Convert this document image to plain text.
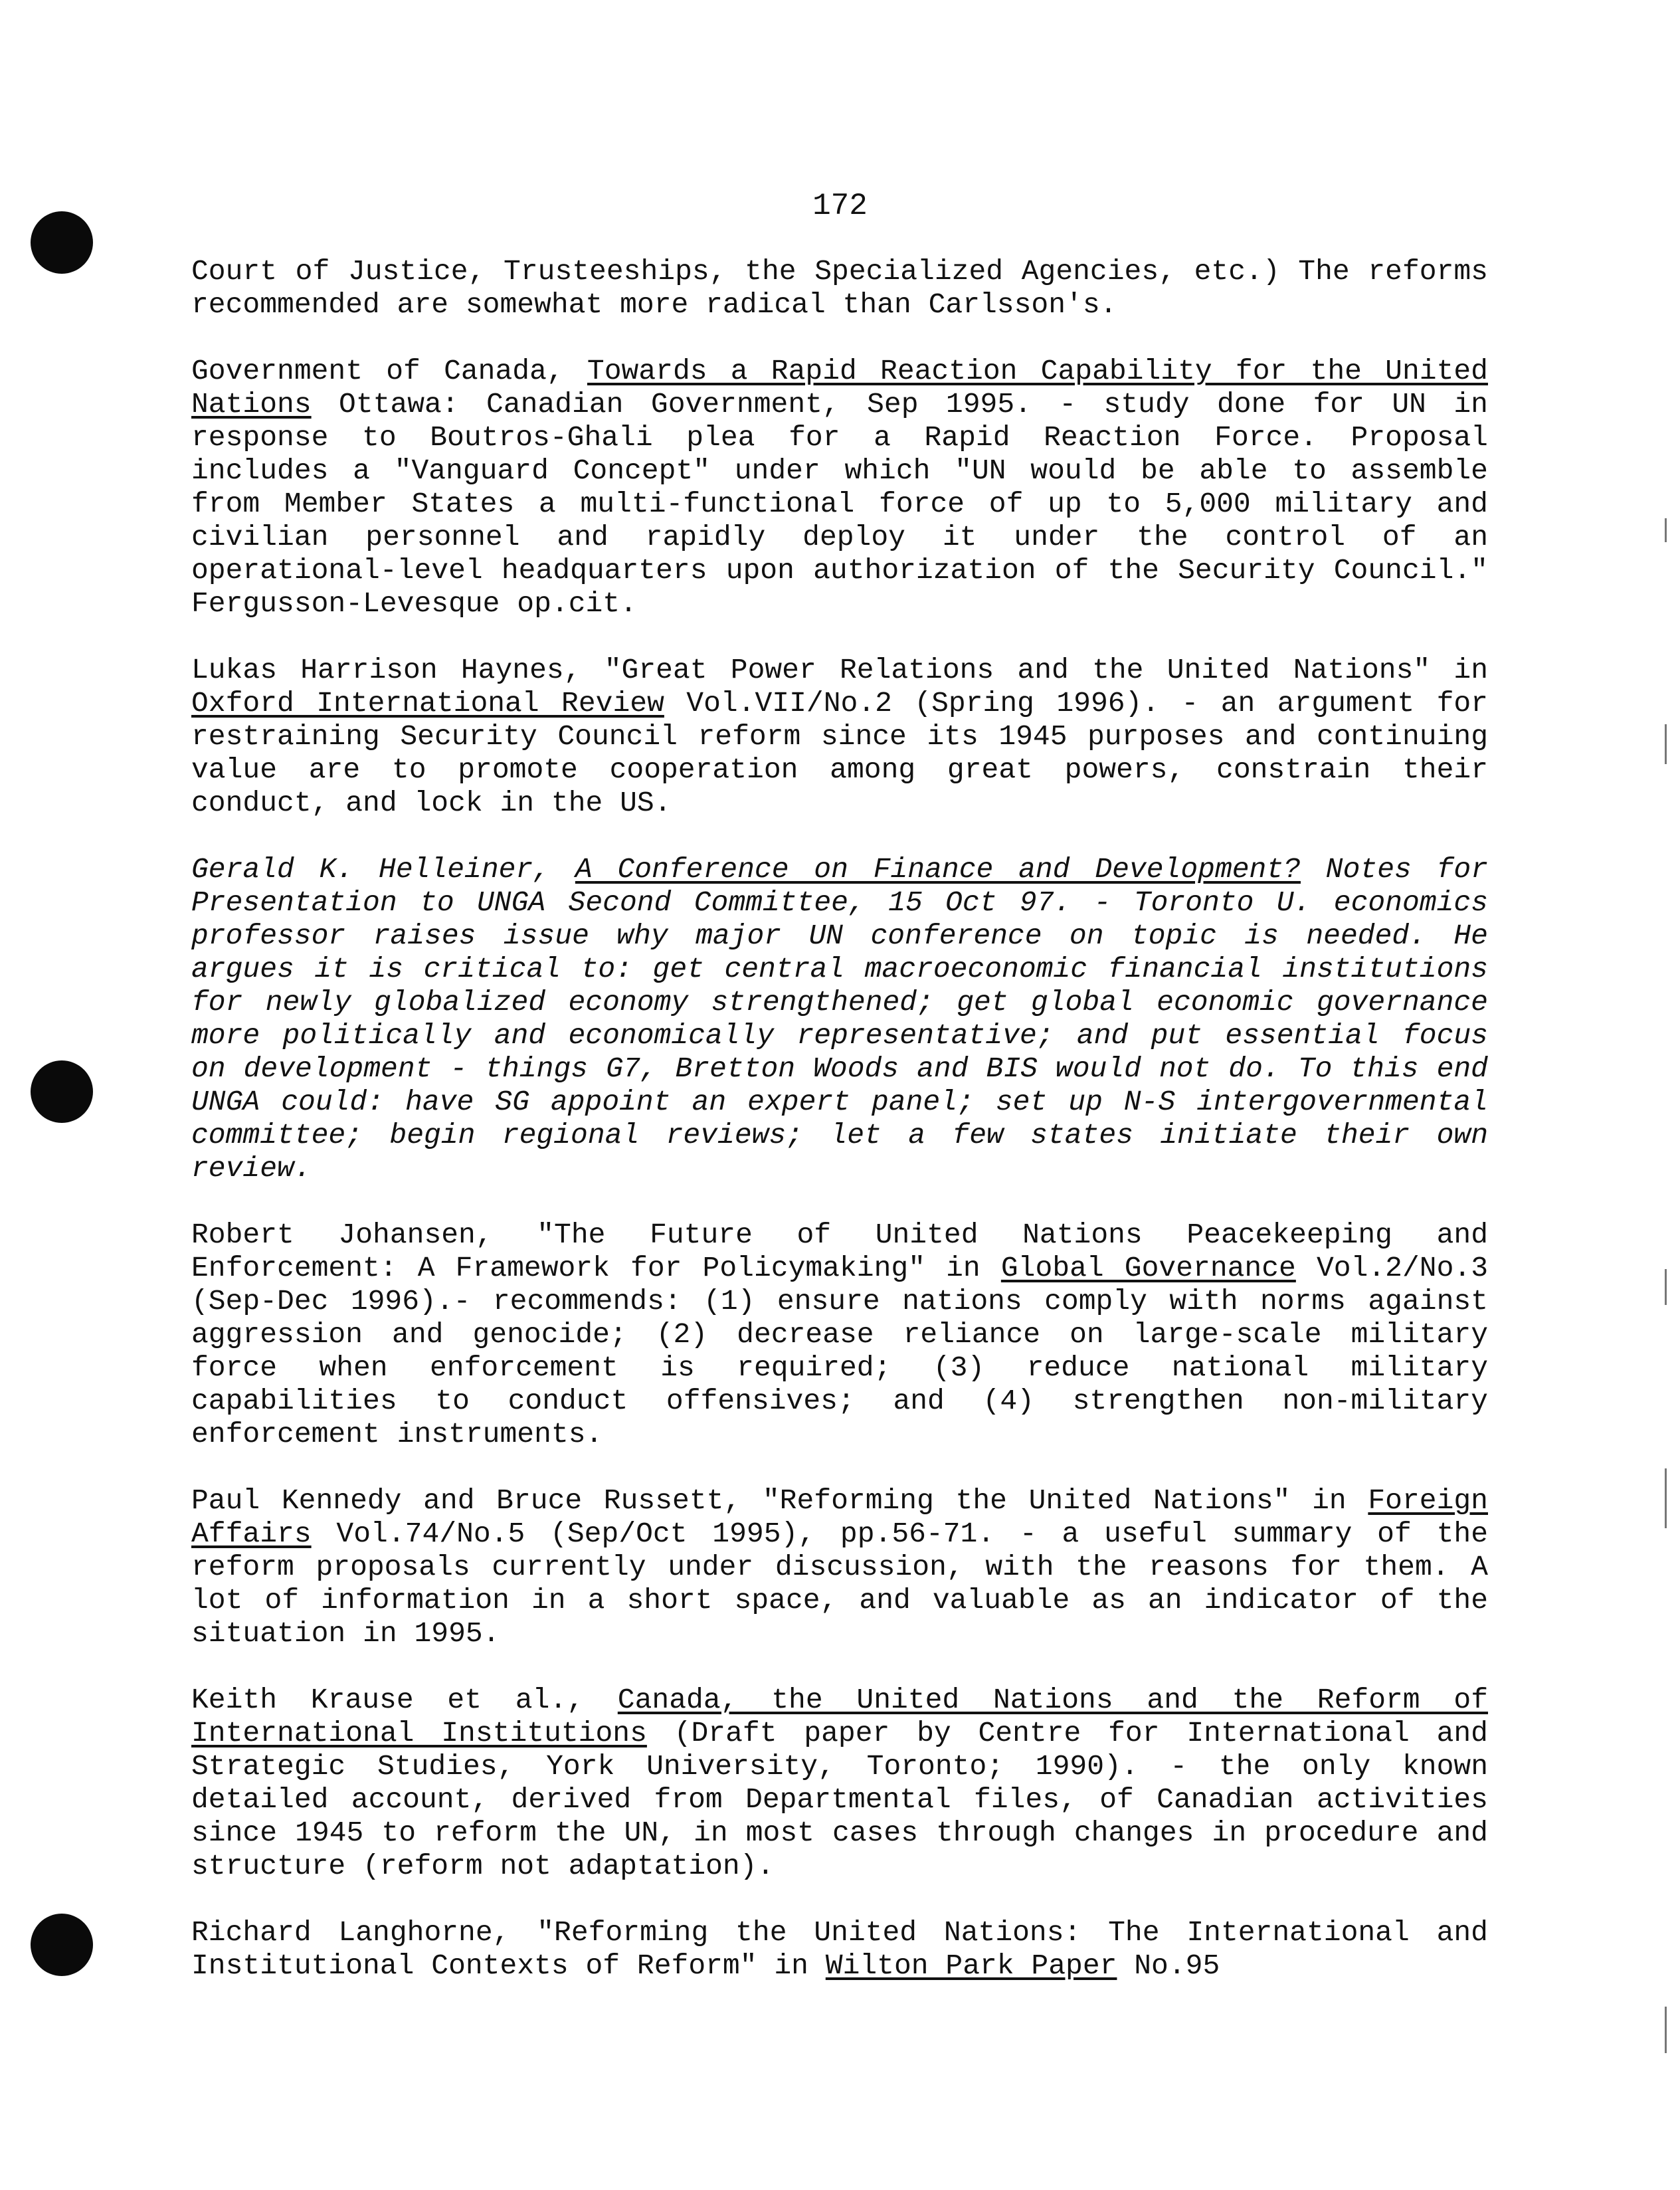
172

Court of Justice, Trusteeships, the Specialized Agencies, etc.) The reforms recommended are somewhat more radical than Carlsson's.

Government of Canada, Towards a Rapid Reaction Capability for the United Nations Ottawa: Canadian Government, Sep 1995. - study done for UN in response to Boutros-Ghali plea for a Rapid Reaction Force. Proposal includes a "Vanguard Concept" under which "UN would be able to assemble from Member States a multi-functional force of up to 5,000 military and civilian personnel and rapidly deploy it under the control of an operational-level headquarters upon authorization of the Security Council." Fergusson-Levesque op.cit.

Lukas Harrison Haynes, "Great Power Relations and the United Nations" in Oxford International Review Vol.VII/No.2 (Spring 1996). - an argument for restraining Security Council reform since its 1945 purposes and continuing value are to promote cooperation among great powers, constrain their conduct, and lock in the US.

Gerald K. Helleiner, A Conference on Finance and Development? Notes for Presentation to UNGA Second Committee, 15 Oct 97. - Toronto U. economics professor raises issue why major UN conference on topic is needed. He argues it is critical to: get central macroeconomic financial institutions for newly globalized economy strengthened; get global economic governance more politically and economically representative; and put essential focus on development - things G7, Bretton Woods and BIS would not do. To this end UNGA could: have SG appoint an expert panel; set up N-S intergovernmental committee; begin regional reviews; let a few states initiate their own review.

Robert Johansen, "The Future of United Nations Peacekeeping and Enforcement: A Framework for Policymaking" in Global Governance Vol.2/No.3 (Sep-Dec 1996).- recommends: (1) ensure nations comply with norms against aggression and genocide; (2) decrease reliance on large-scale military force when enforcement is required; (3) reduce national military capabilities to conduct offensives; and (4) strengthen non-military enforcement instruments.

Paul Kennedy and Bruce Russett, "Reforming the United Nations" in Foreign Affairs Vol.74/No.5 (Sep/Oct 1995), pp.56-71. - a useful summary of the reform proposals currently under discussion, with the reasons for them. A lot of information in a short space, and valuable as an indicator of the situation in 1995.

Keith Krause et al., Canada, the United Nations and the Reform of International Institutions (Draft paper by Centre for International and Strategic Studies, York University, Toronto; 1990). - the only known detailed account, derived from Departmental files, of Canadian activities since 1945 to reform the UN, in most cases through changes in procedure and structure (reform not adaptation).

Richard Langhorne, "Reforming the United Nations: The International and Institutional Contexts of Reform" in Wilton Park Paper No.95
